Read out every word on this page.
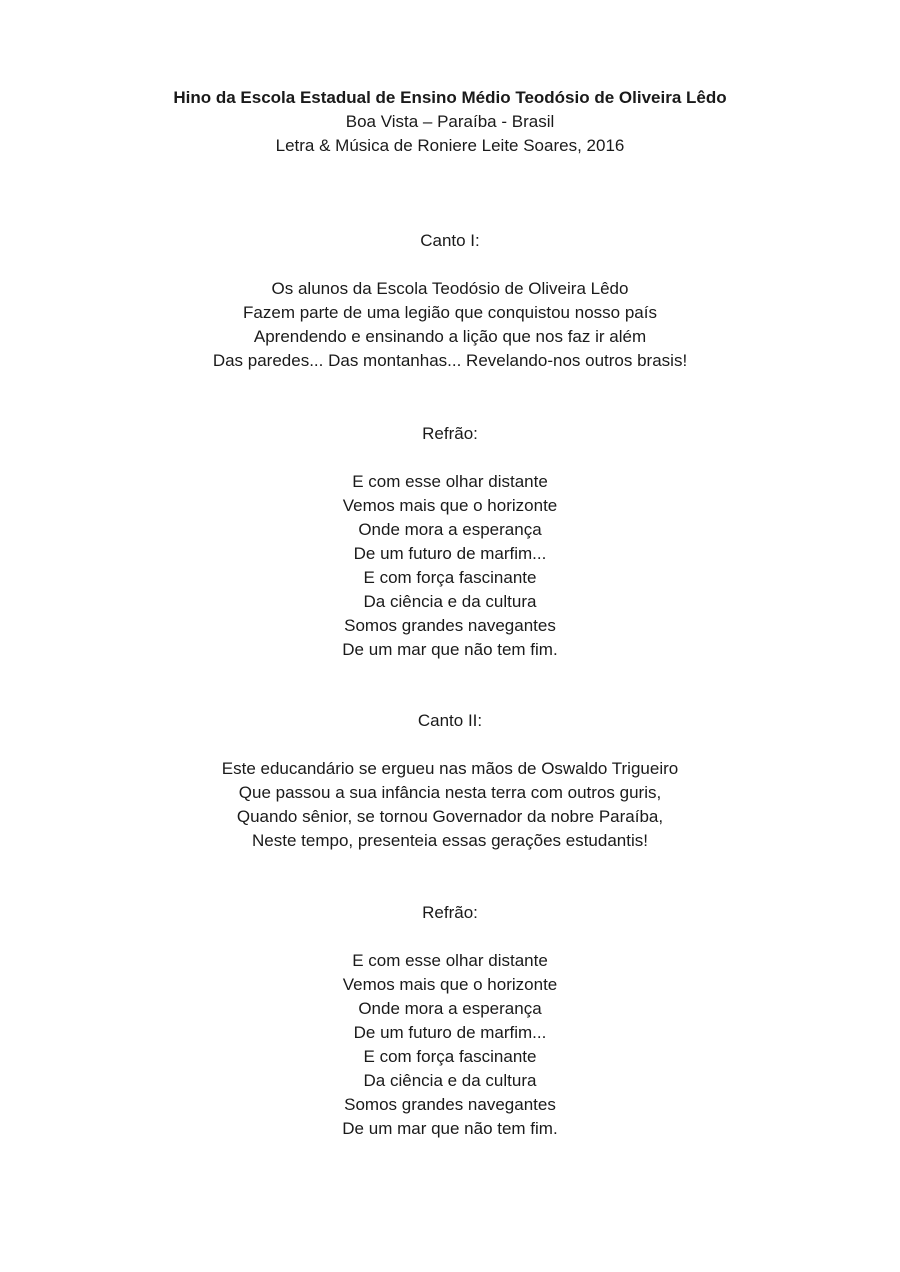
Hino da Escola Estadual de Ensino Médio Teodósio de Oliveira Lêdo

Boa Vista – Paraíba - Brasil

Letra & Música de Roniere Leite Soares, 2016

Canto I:

Os alunos da Escola Teodósio de Oliveira Lêdo
Fazem parte de uma legião que conquistou nosso país
Aprendendo e ensinando a lição que nos faz ir além
Das paredes... Das montanhas... Revelando-nos outros brasis!

Refrão:

E com esse olhar distante
Vemos mais que o horizonte
Onde mora a esperança
De um futuro de marfim...
E com força fascinante
Da ciência e da cultura
Somos grandes navegantes
De um mar que não tem fim.

Canto II:

Este educandário se ergueu nas mãos de Oswaldo Trigueiro
Que passou a sua infância nesta terra com outros guris,
Quando sênior, se tornou Governador da nobre Paraíba,
Neste tempo, presenteia essas gerações estudantis!

Refrão:

E com esse olhar distante
Vemos mais que o horizonte
Onde mora a esperança
De um futuro de marfim...
E com força fascinante
Da ciência e da cultura
Somos grandes navegantes
De um mar que não tem fim.
